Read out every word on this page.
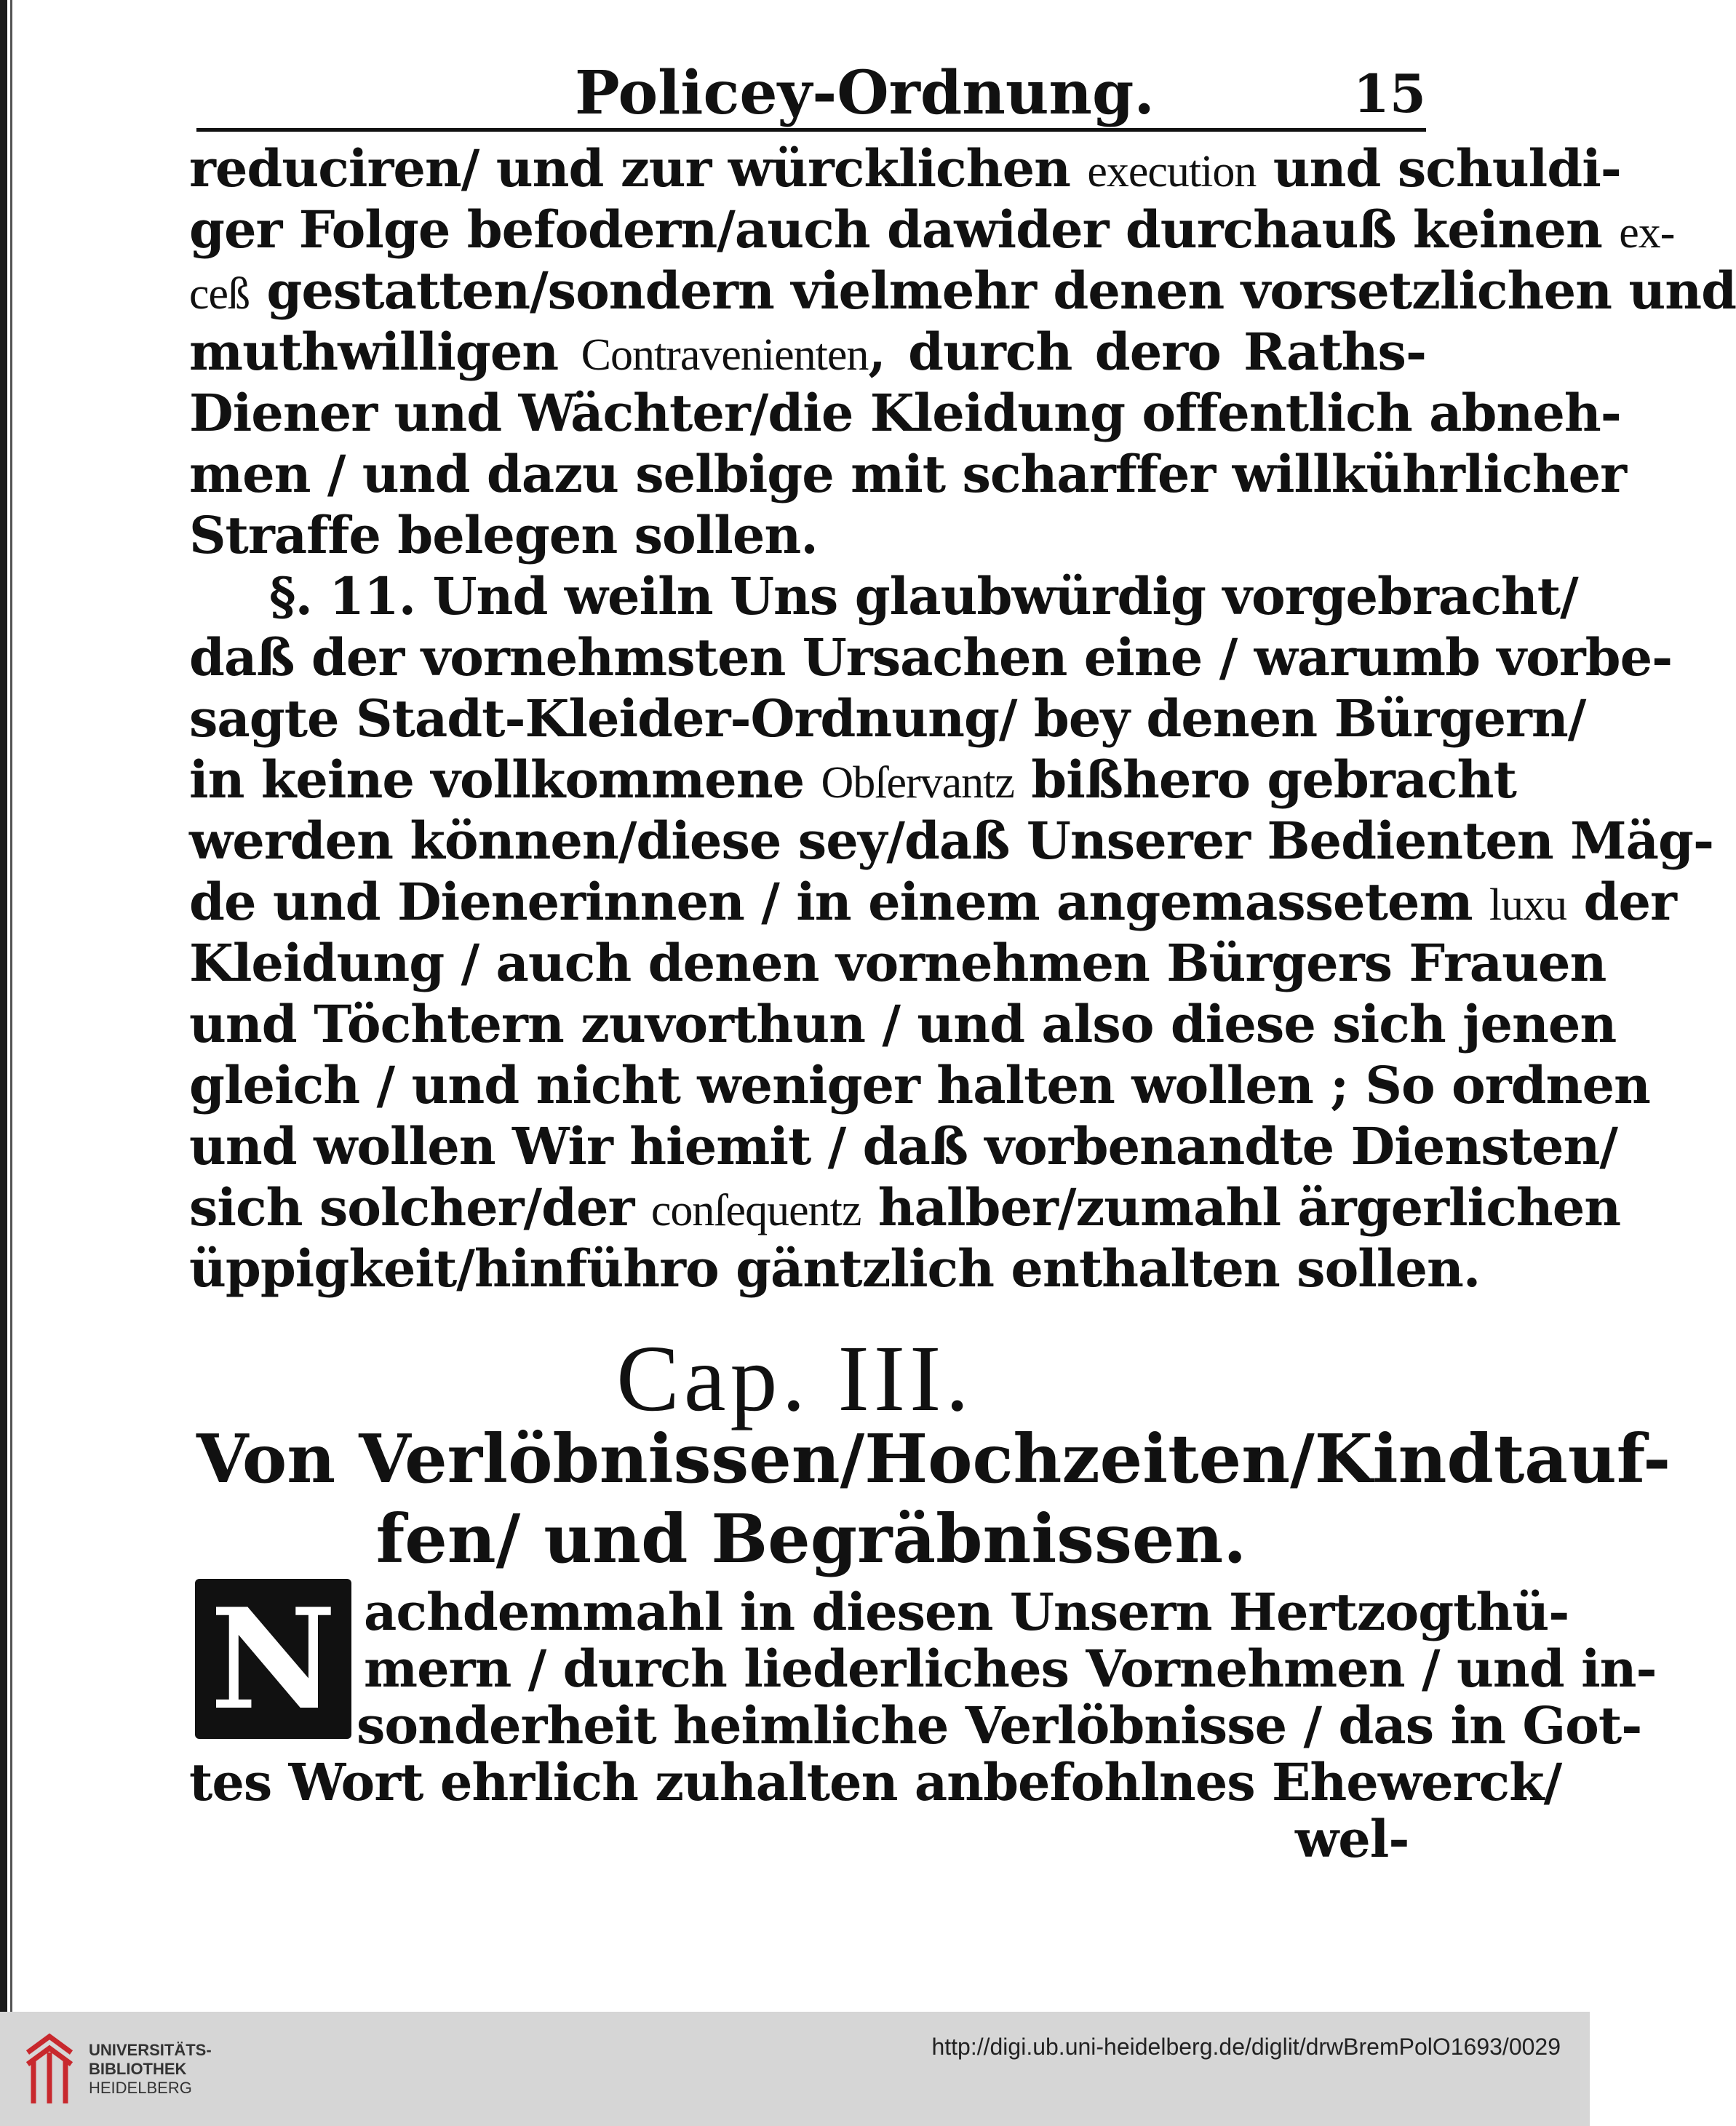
Policey-Ordnung.	15
reduciren/ und zur würcklichen execution und schuldi-
ger Folge befodern/auch dawider durchauß keinen ex-
ceß gestatten/sondern vielmehr denen vorsetzlichen und
muthwilligen Contravenienten, durch dero Raths-
Diener und Wächter/die Kleidung offentlich abneh-
men / und dazu selbige mit scharffer willkührlicher
Straffe belegen sollen.
§. 11. Und weiln Uns glaubwürdig vorgebracht/
daß der vornehmsten Ursachen eine / warumb vorbe-
sagte Stadt-Kleider-Ordnung/ bey denen Bürgern/
in keine vollkommene Obſervantz bißhero gebracht
werden können/diese sey/daß Unserer Bedienten Mäg-
de und Dienerinnen / in einem angemassetem luxu der
Kleidung / auch denen vornehmen Bürgers Frauen
und Töchtern zuvorthun / und also diese sich jenen
gleich / und nicht weniger halten wollen ; So ordnen
und wollen Wir hiemit / daß vorbenandte Diensten/
sich solcher/der conſequentz halber/zumahl ärgerlichen
üppigkeit/hinführo gäntzlich enthalten sollen.
Cap. III.
Von Verlöbnissen/Hochzeiten/Kindtauf-
fen/ und Begräbnissen.
N achdemmahl in diesen Unsern Hertzogthü-
mern / durch liederliches Vornehmen / und in-
sonderheit heimliche Verlöbnisse / das in Got-
tes Wort ehrlich zuhalten anbefohlnes Ehewerck/
wel-
UNIVERSITÄTS-
BIBLIOTHEK
HEIDELBERG
http://digi.ub.uni-heidelberg.de/diglit/drwBremPolO1693/0029
